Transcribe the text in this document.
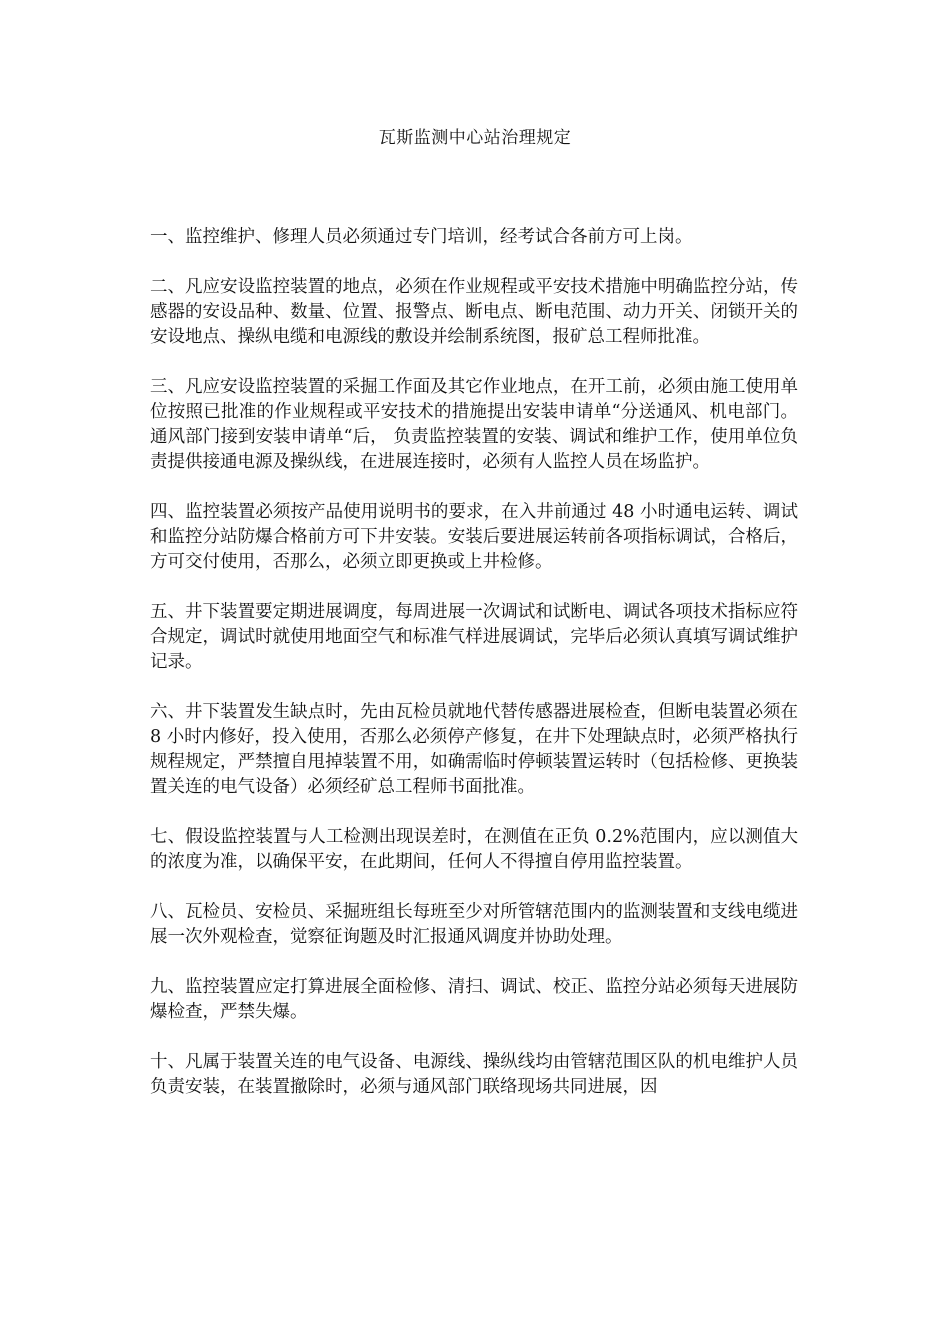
瓦斯监测中心站治理规定

一、监控维护、修理人员必须通过专门培训，经考试合各前方可上岗。

二、凡应安设监控装置的地点，必须在作业规程或平安技术措施中明确监控分站，传感器的安设品种、数量、位置、报警点、断电点、断电范围、动力开关、闭锁开关的安设地点、操纵电缆和电源线的敷设并绘制系统图，报矿总工程师批准。

三、凡应安设监控装置的采掘工作面及其它作业地点，在开工前，必须由施工使用单位按照已批准的作业规程或平安技术的措施提出安装申请单“分送通风、机电部门。通风部门接到安装申请单“后， 负责监控装置的安装、调试和维护工作，使用单位负责提供接通电源及操纵线，在进展连接时，必须有人监控人员在场监护。

四、监控装置必须按产品使用说明书的要求，在入井前通过 48 小时通电运转、调试和监控分站防爆合格前方可下井安装。安装后要进展运转前各项指标调试，合格后，方可交付使用，否那么，必须立即更换或上井检修。

五、井下装置要定期进展调度，每周进展一次调试和试断电、调试各项技术指标应符合规定，调试时就使用地面空气和标准气样进展调试，完毕后必须认真填写调试维护记录。

六、井下装置发生缺点时，先由瓦检员就地代替传感器进展检查，但断电装置必须在 8 小时内修好，投入使用，否那么必须停产修复，在井下处理缺点时，必须严格执行规程规定，严禁擅自甩掉装置不用，如确需临时停顿装置运转时（包括检修、更换装置关连的电气设备）必须经矿总工程师书面批准。

七、假设监控装置与人工检测出现误差时，在测值在正负 0.2%范围内，应以测值大的浓度为准，以确保平安，在此期间，任何人不得擅自停用监控装置。

八、瓦检员、安检员、采掘班组长每班至少对所管辖范围内的监测装置和支线电缆进展一次外观检查，觉察征询题及时汇报通风调度并协助处理。

九、监控装置应定打算进展全面检修、清扫、调试、校正、监控分站必须每天进展防 爆检查，严禁失爆。

十、凡属于装置关连的电气设备、电源线、操纵线均由管辖范围区队的机电维护人员负责安装，在装置撤除时，必须与通风部门联络现场共同进展，因
